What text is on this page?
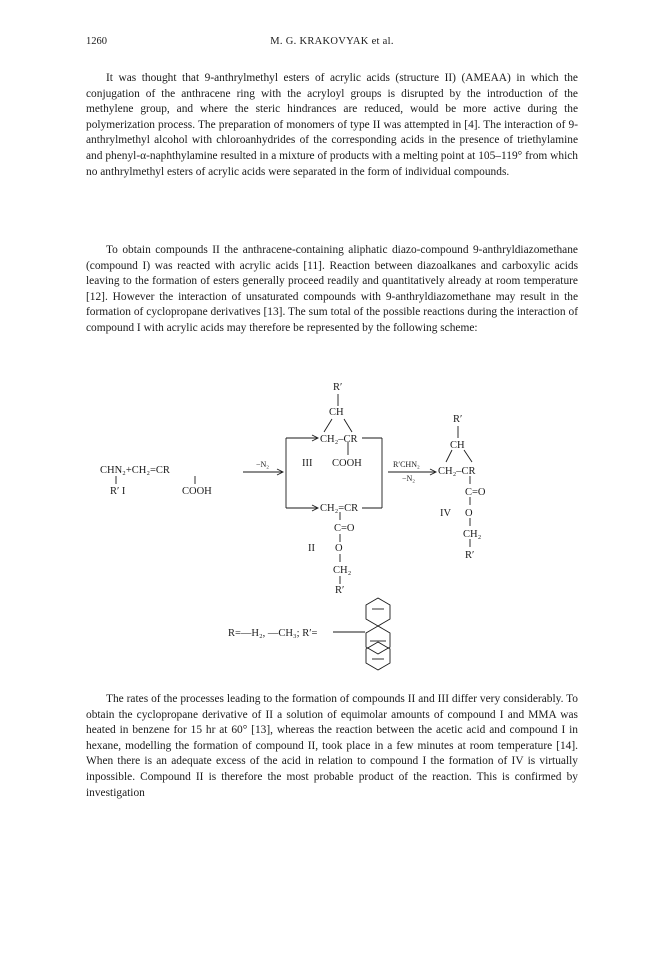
1260	M. G. KRAKOVYAK et al.

It was thought that 9-anthrylmethyl esters of acrylic acids (structure II) (AMEAA) in which the conjugation of the anthracene ring with the acryloyl groups is disrupted by the introduction of the methylene group, and where the steric hindrances are reduced, would be more active during the polymerization process. The preparation of monomers of type II was attempted in [4]. The interaction of 9-anthrylmethyl alcohol with chloroanhydrides of the corresponding acids in the presence of triethylamine and phenyl-α-naphthylamine resulted in a mixture of products with a melting point at 105–119° from which no anthrylmethyl esters of acrylic acids were separated in the form of individual compounds.

To obtain compounds II the anthracene-containing aliphatic diazo-compound 9-anthryldiazomethane (compound I) was reacted with acrylic acids [11]. Reaction between diazoalkanes and carboxylic acids leaving to the formation of esters generally proceed readily and quantitatively already at room temperature [12]. However the interaction of unsaturated compounds with 9-anthryldiazomethane may result in the formation of cyclopropane derivatives [13]. The sum total of the possible reactions during the interaction of compound I with acrylic acids may therefore be represented by the following scheme:

R′
CH
CH₂–CR
III COOH
CHN₂+CH₂=CR
R′ I	COOH
−N₂
CH₂=CR
C=O
II O
CH₂
R′
R′CHN₂
−N₂
R′
CH
CH₂–CR
C=O
IV O
CH₂
R′
R=—H₂, —CH₃; R′=

The rates of the processes leading to the formation of compounds II and III differ very considerably. To obtain the cyclopropane derivative of II a solution of equimolar amounts of compound I and MMA was heated in benzene for 15 hr at 60° [13], whereas the reaction between the acetic acid and compound I in hexane, modelling the formation of compound II, took place in a few minutes at room temperature [14]. When there is an adequate excess of the acid in relation to compound I the formation of IV is virtually inpossible. Compound II is therefore the most probable product of the reaction. This is confirmed by investigation
